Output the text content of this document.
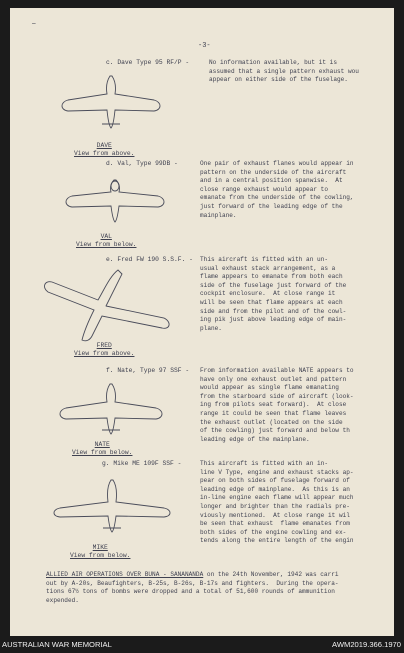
—
-3-
c. Dave Type 95 RF/P -	No information available, but it is
assumed that a single pattern exhaust wou
appear on either side of the fuselage.
DAVE
View from above.
d. Val, Type 99DB -	One pair of exhaust flanes would appear in
pattern on the underside of the aircraft
and in a central position spanwise.  At
close range exhaust would appear to
emanate from the underside of the cowling,
just forward of the leading edge of the
mainplane.
VAL
View from below.
e. Fred FW 190 S.S.F. - This aircraft is fitted with an un-
usual exhaust stack arrangement, as a
flame appears to emanate from both each
side of the fuselage just forward of the
cockpit enclosure.  At close range it
will be seen that flame appears at each
side and from the pilot and of the cowl-
ing pik just above leading edge of main-
plane.
FRED
View from above.
f. Nate, Type 97 SSF - From information available NATE appears to
have only one exhaust outlet and pattern
would appear as single flame emanating
from the starboard side of aircraft (look-
ing from pilots seat forward).  At close
range it could be seen that flame leaves
the exhaust outlet (located on the side
of the cowling) just forward and below th
leading edge of the mainplane.
NATE
View from below.
g. Mike ME 109F SSF -	This aircraft is fitted with an in-
line V Type, engine and exhaust stacks ap-
pear on both sides of fuselage forward of
leading edge of mainplane.  As this is an
in-line engine each flame will appear much
longer and brighter than the radials pre-
viously mentioned.  At close range it wil
be seen that exhaust  flame emanates from
both sides of the engine cowling and ex-
tends along the entire length of the engin
MIKE
View from below.
ALLIED AIR OPERATIONS OVER BUNA - SANANANDA on the 24th November, 1942 was carri
out by A-20s, Beaufighters, B-25s, B-26s, B-17s and fighters.  During the opera-
tions 67½ tons of bombs were dropped and a total of 51,600 rounds of ammunition
expended.
AUSTRALIAN WAR MEMORIAL	AWM2019.366.1970
